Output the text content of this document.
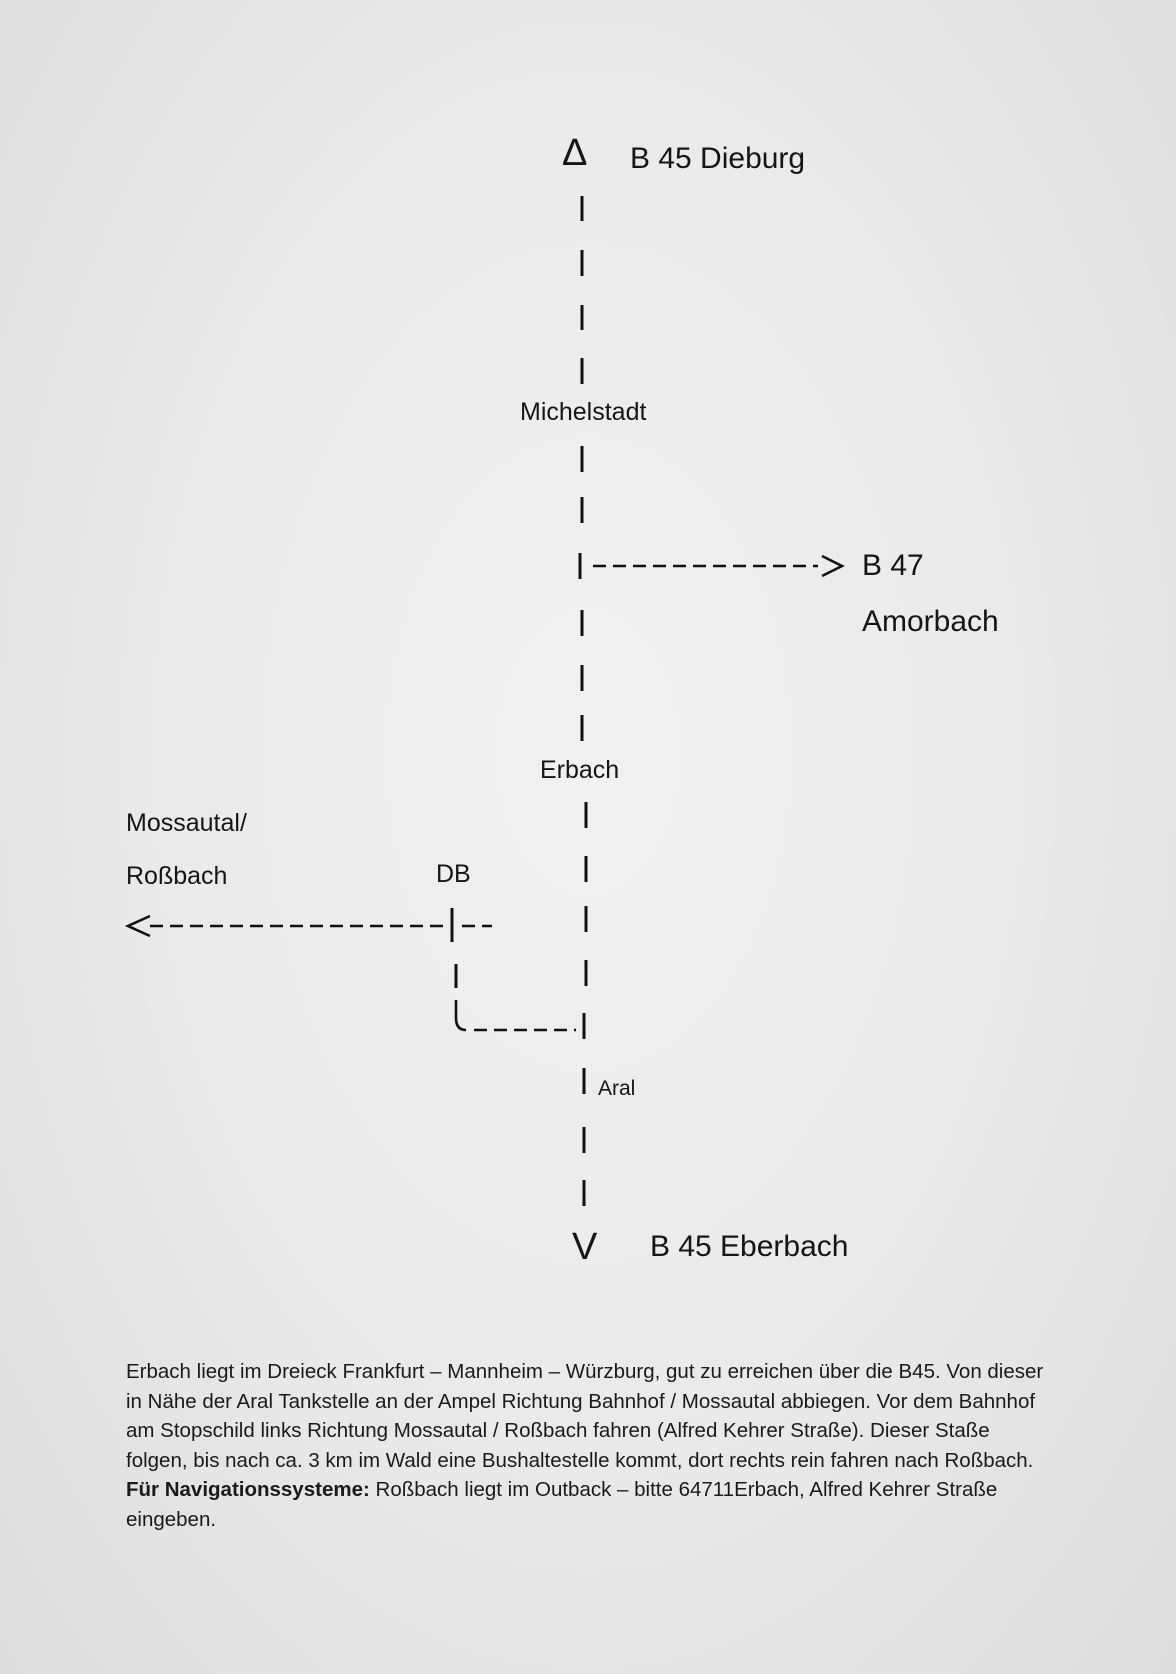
Δ B 45 Dieburg
Michelstadt
B 47
Amorbach
Erbach
Mossautal/
Roßbach	DB
Aral
V B 45 Eberbach

Erbach liegt im Dreieck Frankfurt – Mannheim – Würzburg, gut zu erreichen über die B45. Von dieser in Nähe der Aral Tankstelle an der Ampel Richtung Bahnhof / Mossautal abbiegen. Vor dem Bahnhof am Stopschild links Richtung Mossautal / Roßbach fahren (Alfred Kehrer Straße). Dieser Staße folgen, bis nach ca. 3 km im Wald eine Bushaltestelle kommt, dort rechts rein fahren nach Roßbach.

Für Navigationssysteme: Roßbach liegt im Outback – bitte 64711Erbach, Alfred Kehrer Straße eingeben.
